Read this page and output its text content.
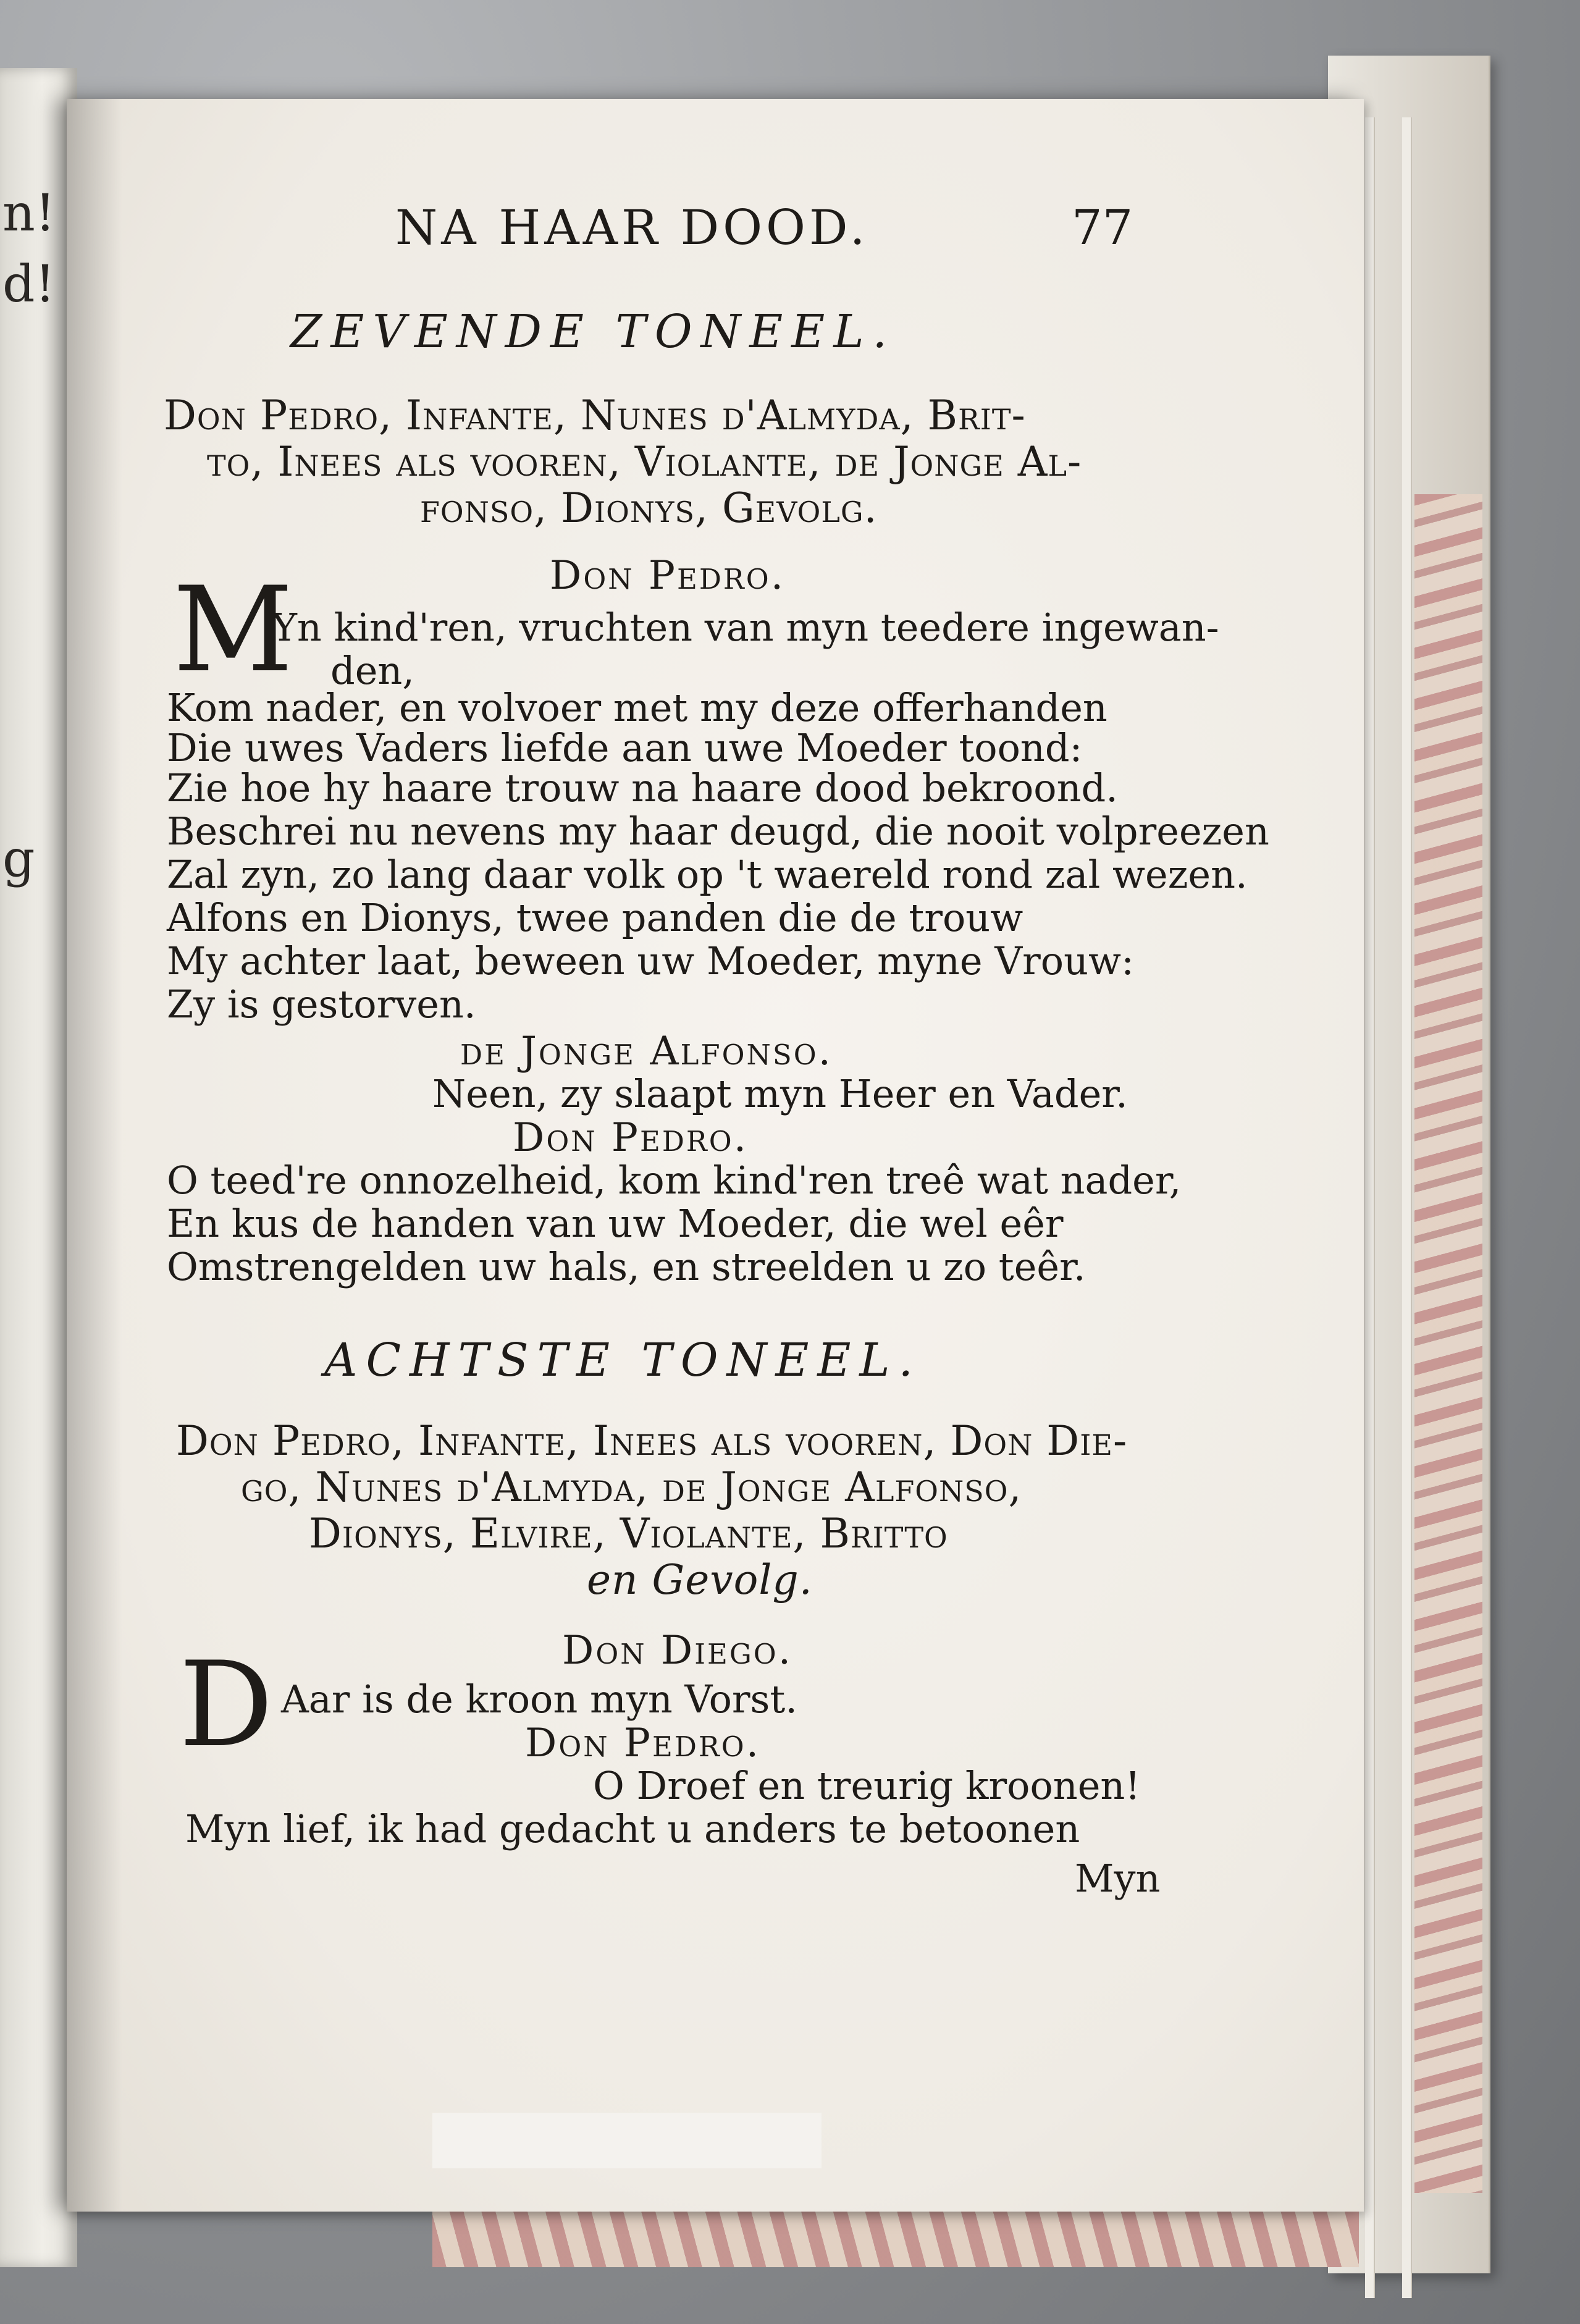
n!
d!
g

NA HAAR DOOD.	77

ZEVENDE TONEEL.

Don Pedro, Infante, Nunes d'Almyda, Brit-

to, Inees als vooren, Violante, de Jonge Al-

fonso, Dionys, Gevolg.

Don Pedro.

M

Yn kind'ren, vruchten van myn teedere ingewan-

den,

Kom nader, en volvoer met my deze offerhanden

Die uwes Vaders liefde aan uwe Moeder toond:

Zie hoe hy haare trouw na haare dood bekroond.

Beschrei nu nevens my haar deugd, die nooit volpreezen

Zal zyn, zo lang daar volk op 't waereld rond zal wezen.

Alfons en Dionys, twee panden die de trouw

My achter laat, beween uw Moeder, myne Vrouw:

Zy is gestorven.

de Jonge Alfonso.

Neen, zy slaapt myn Heer en Vader.

Don Pedro.

O teed're onnozelheid, kom kind'ren treê wat nader,

En kus de handen van uw Moeder, die wel eêr

Omstrengelden uw hals, en streelden u zo teêr.

ACHTSTE TONEEL.

Don Pedro, Infante, Inees als vooren, Don Die-

go, Nunes d'Almyda, de Jonge Alfonso,

Dionys, Elvire, Violante, Britto

en Gevolg.

Don Diego.

D Aar is de kroon myn Vorst.

Don Pedro.

O Droef en treurig kroonen!

Myn lief, ik had gedacht u anders te betoonen

Myn
